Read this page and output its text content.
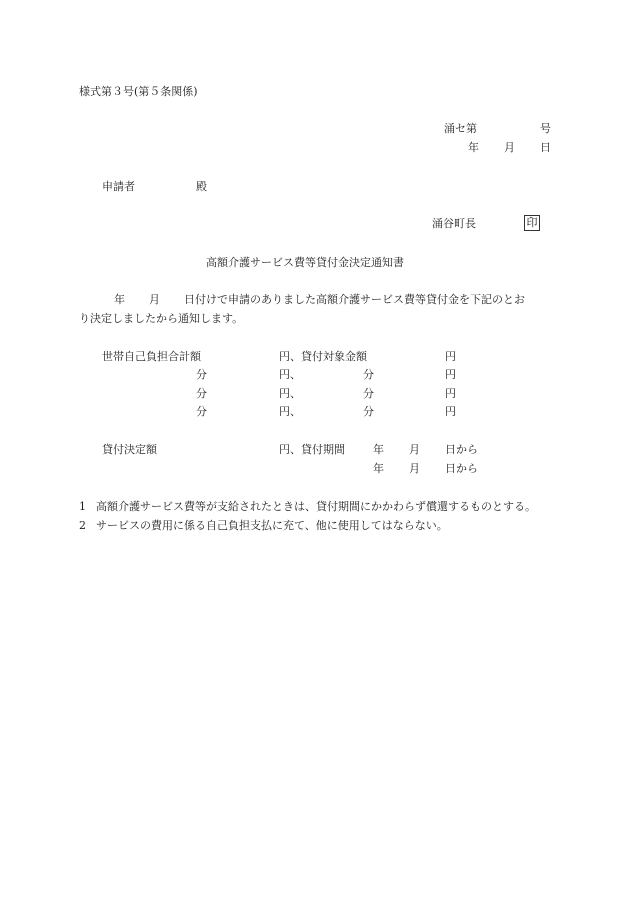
様式第３号(第５条関係)
涌セ第	号
年 月 日
申請者	殿
涌谷町長	印
高額介護サービス費等貸付金決定通知書
年 月 日付けで申請のありました高額介護サービス費等貸付金を下記のとお
り決定しましたから通知します。
世帯自己負担合計額	円、貸付対象金額	円
分	円、	分	円
分	円、	分	円
分	円、	分	円
貸付決定額	円、貸付期間	年 月 日から
年 月 日から
1 高額介護サービス費等が支給されたときは、貸付期間にかかわらず償還するものとする。
2 サービスの費用に係る自己負担支払に充て、他に使用してはならない。
